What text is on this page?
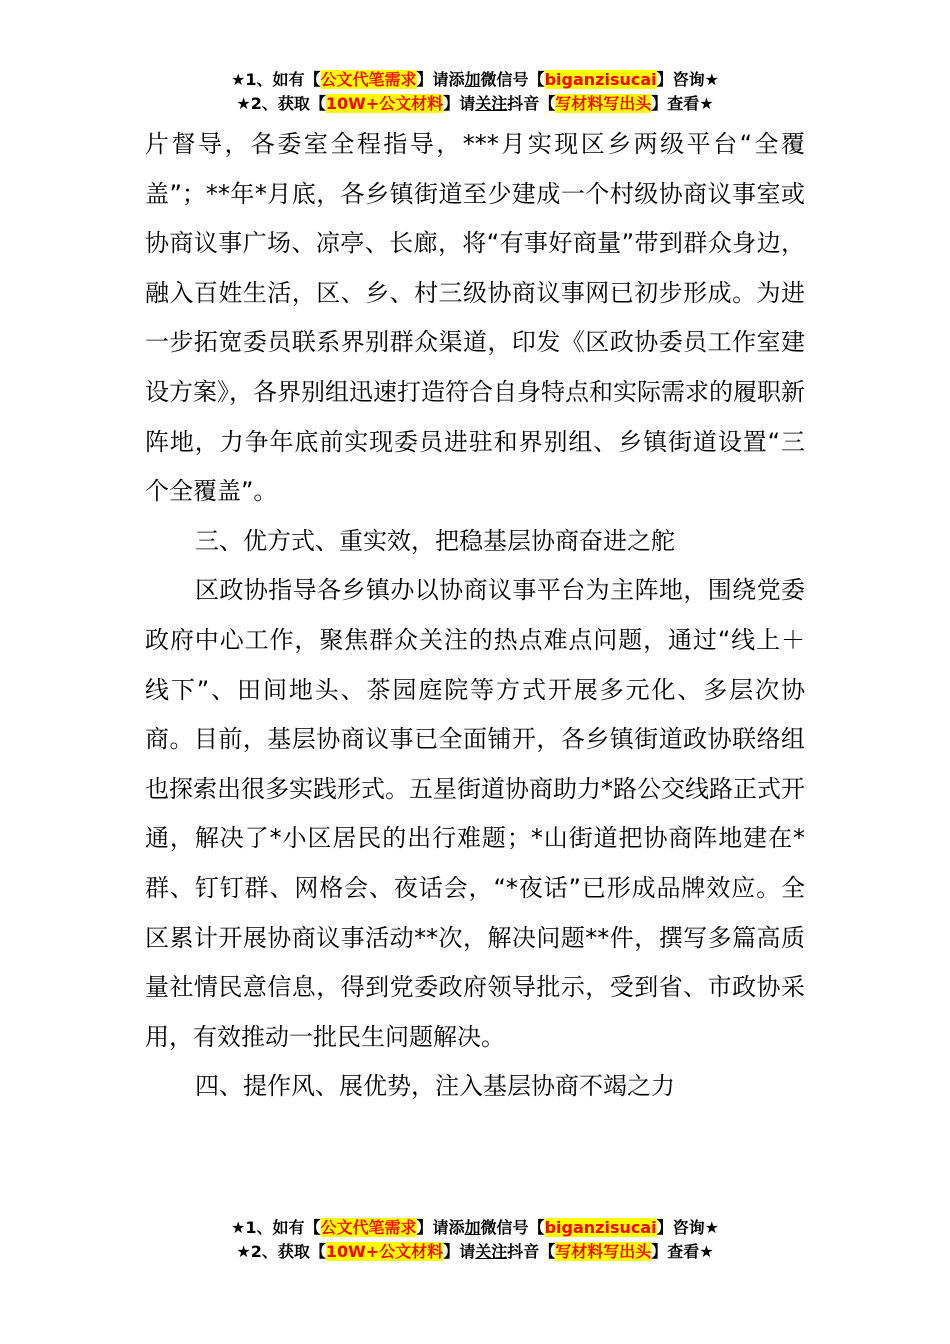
★1、如有【公文代笔需求】请添加微信号【biganzisucai】咨询★
★2、获取【10W+公文材料】请关注抖音【写材料写出头】查看★

片督导，各委室全程指导，***月实现区乡两级平台“全覆盖”；**年*月底，各乡镇街道至少建成一个村级协商议事室或协商议事广场、凉亭、长廊，将“有事好商量”带到群众身边，融入百姓生活，区、乡、村三级协商议事网已初步形成。为进一步拓宽委员联系界别群众渠道，印发《区政协委员工作室建设方案》，各界别组迅速打造符合自身特点和实际需求的履职新阵地，力争年底前实现委员进驻和界别组、乡镇街道设置“三个全覆盖”。

三、优方式、重实效，把稳基层协商奋进之舵

区政协指导各乡镇办以协商议事平台为主阵地，围绕党委政府中心工作，聚焦群众关注的热点难点问题，通过“线上＋线下”、田间地头、茶园庭院等方式开展多元化、多层次协商。目前，基层协商议事已全面铺开，各乡镇街道政协联络组也探索出很多实践形式。五星街道协商助力*路公交线路正式开通，解决了*小区居民的出行难题；*山街道把协商阵地建在*群、钉钉群、网格会、夜话会，“*夜话”已形成品牌效应。全区累计开展协商议事活动**次，解决问题**件，撰写多篇高质量社情民意信息，得到党委政府领导批示，受到省、市政协采用，有效推动一批民生问题解决。

四、提作风、展优势，注入基层协商不竭之力

★1、如有【公文代笔需求】请添加微信号【biganzisucai】咨询★
★2、获取【10W+公文材料】请关注抖音【写材料写出头】查看★
